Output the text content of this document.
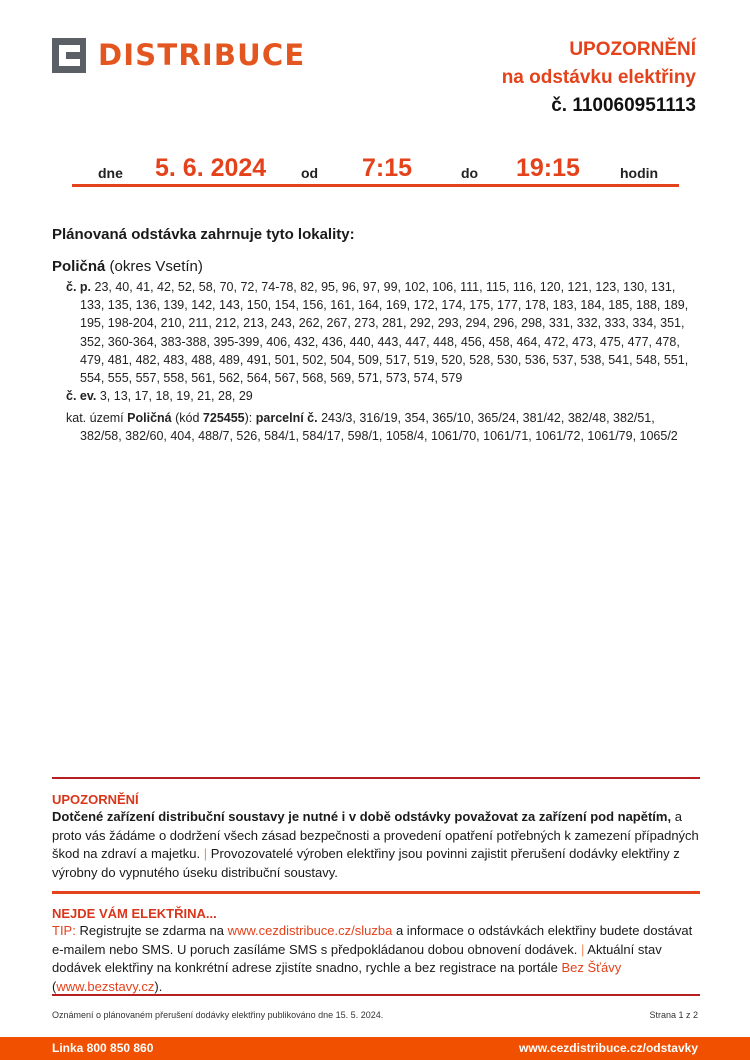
DISTRIBUCE	UPOZORNĚNÍ
na odstávku elektřiny
č. 110060951113
dne 5. 6. 2024 od 7:15	do 19:15	hodin
Plánovaná odstávka zahrnuje tyto lokality:
Poličná (okres Vsetín)
č. p. 23, 40, 41, 42, 52, 58, 70, 72, 74-78, 82, 95, 96, 97, 99, 102, 106, 111, 115, 116, 120, 121, 123, 130, 131,
133, 135, 136, 139, 142, 143, 150, 154, 156, 161, 164, 169, 172, 174, 175, 177, 178, 183, 184, 185, 188, 189,
195, 198-204, 210, 211, 212, 213, 243, 262, 267, 273, 281, 292, 293, 294, 296, 298, 331, 332, 333, 334, 351,
352, 360-364, 383-388, 395-399, 406, 432, 436, 440, 443, 447, 448, 456, 458, 464, 472, 473, 475, 477, 478,
479, 481, 482, 483, 488, 489, 491, 501, 502, 504, 509, 517, 519, 520, 528, 530, 536, 537, 538, 541, 548, 551,
554, 555, 557, 558, 561, 562, 564, 567, 568, 569, 571, 573, 574, 579
č. ev. 3, 13, 17, 18, 19, 21, 28, 29
kat. území Poličná (kód 725455): parcelní č. 243/3, 316/19, 354, 365/10, 365/24, 381/42, 382/48, 382/51,
382/58, 382/60, 404, 488/7, 526, 584/1, 584/17, 598/1, 1058/4, 1061/70, 1061/71, 1061/72, 1061/79, 1065/2
UPOZORNĚNÍ
Dotčené zařízení distribuční soustavy je nutné i v době odstávky považovat za zařízení pod napětím, a proto vás žádáme o dodržení všech zásad bezpečnosti a provedení opatření potřebných k zamezení případných škod na zdraví a majetku. | Provozovatelé výroben elektřiny jsou povinni zajistit přerušení dodávky elektřiny z výrobny do vypnutého úseku distribuční soustavy.
NEJDE VÁM ELEKTŘINA...
TIP: Registrujte se zdarma na www.cezdistribuce.cz/sluzba a informace o odstávkách elektřiny budete dostávat e-mailem nebo SMS. U poruch zasíláme SMS s předpokládanou dobou obnovení dodávek. | Aktuální stav dodávek elektřiny na konkrétní adrese zjistíte snadno, rychle a bez registrace na portále Bez Šťávy (www.bezstavy.cz).
Oznámení o plánovaném přerušení dodávky elektřiny publikováno dne 15. 5. 2024.	Strana 1 z 2
Linka 800 850 860	www.cezdistribuce.cz/odstavky
